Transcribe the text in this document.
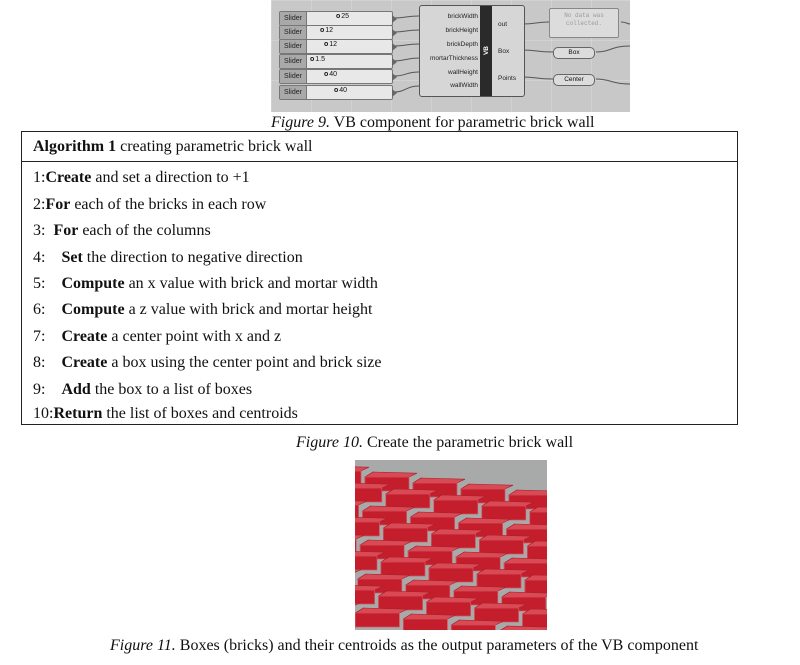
Slider	o 25
Slider	o 12
Slider	o 12
Slider	o 1.5
Slider	o 40
Slider	o 40
brickWidth
brickHeight
brickDepth
mortarThickness
wallHeight
wallWidth
VB
out
Box
Points
No data was collected.
Box
Center
Figure 9. VB component for parametric brick wall
Algorithm 1 creating parametric brick wall
1:Create and set a direction to +1
2:For each of the bricks in each row
3:  For each of the columns
4:    Set the direction to negative direction
5:    Compute an x value with brick and mortar width
6:    Compute a z value with brick and mortar height
7:    Create a center point with x and z
8:    Create a box using the center point and brick size
9:    Add the box to a list of boxes
10:Return the list of boxes and centroids
Figure 10. Create the parametric brick wall
Figure 11. Boxes (bricks) and their centroids as the output parameters of the VB component
